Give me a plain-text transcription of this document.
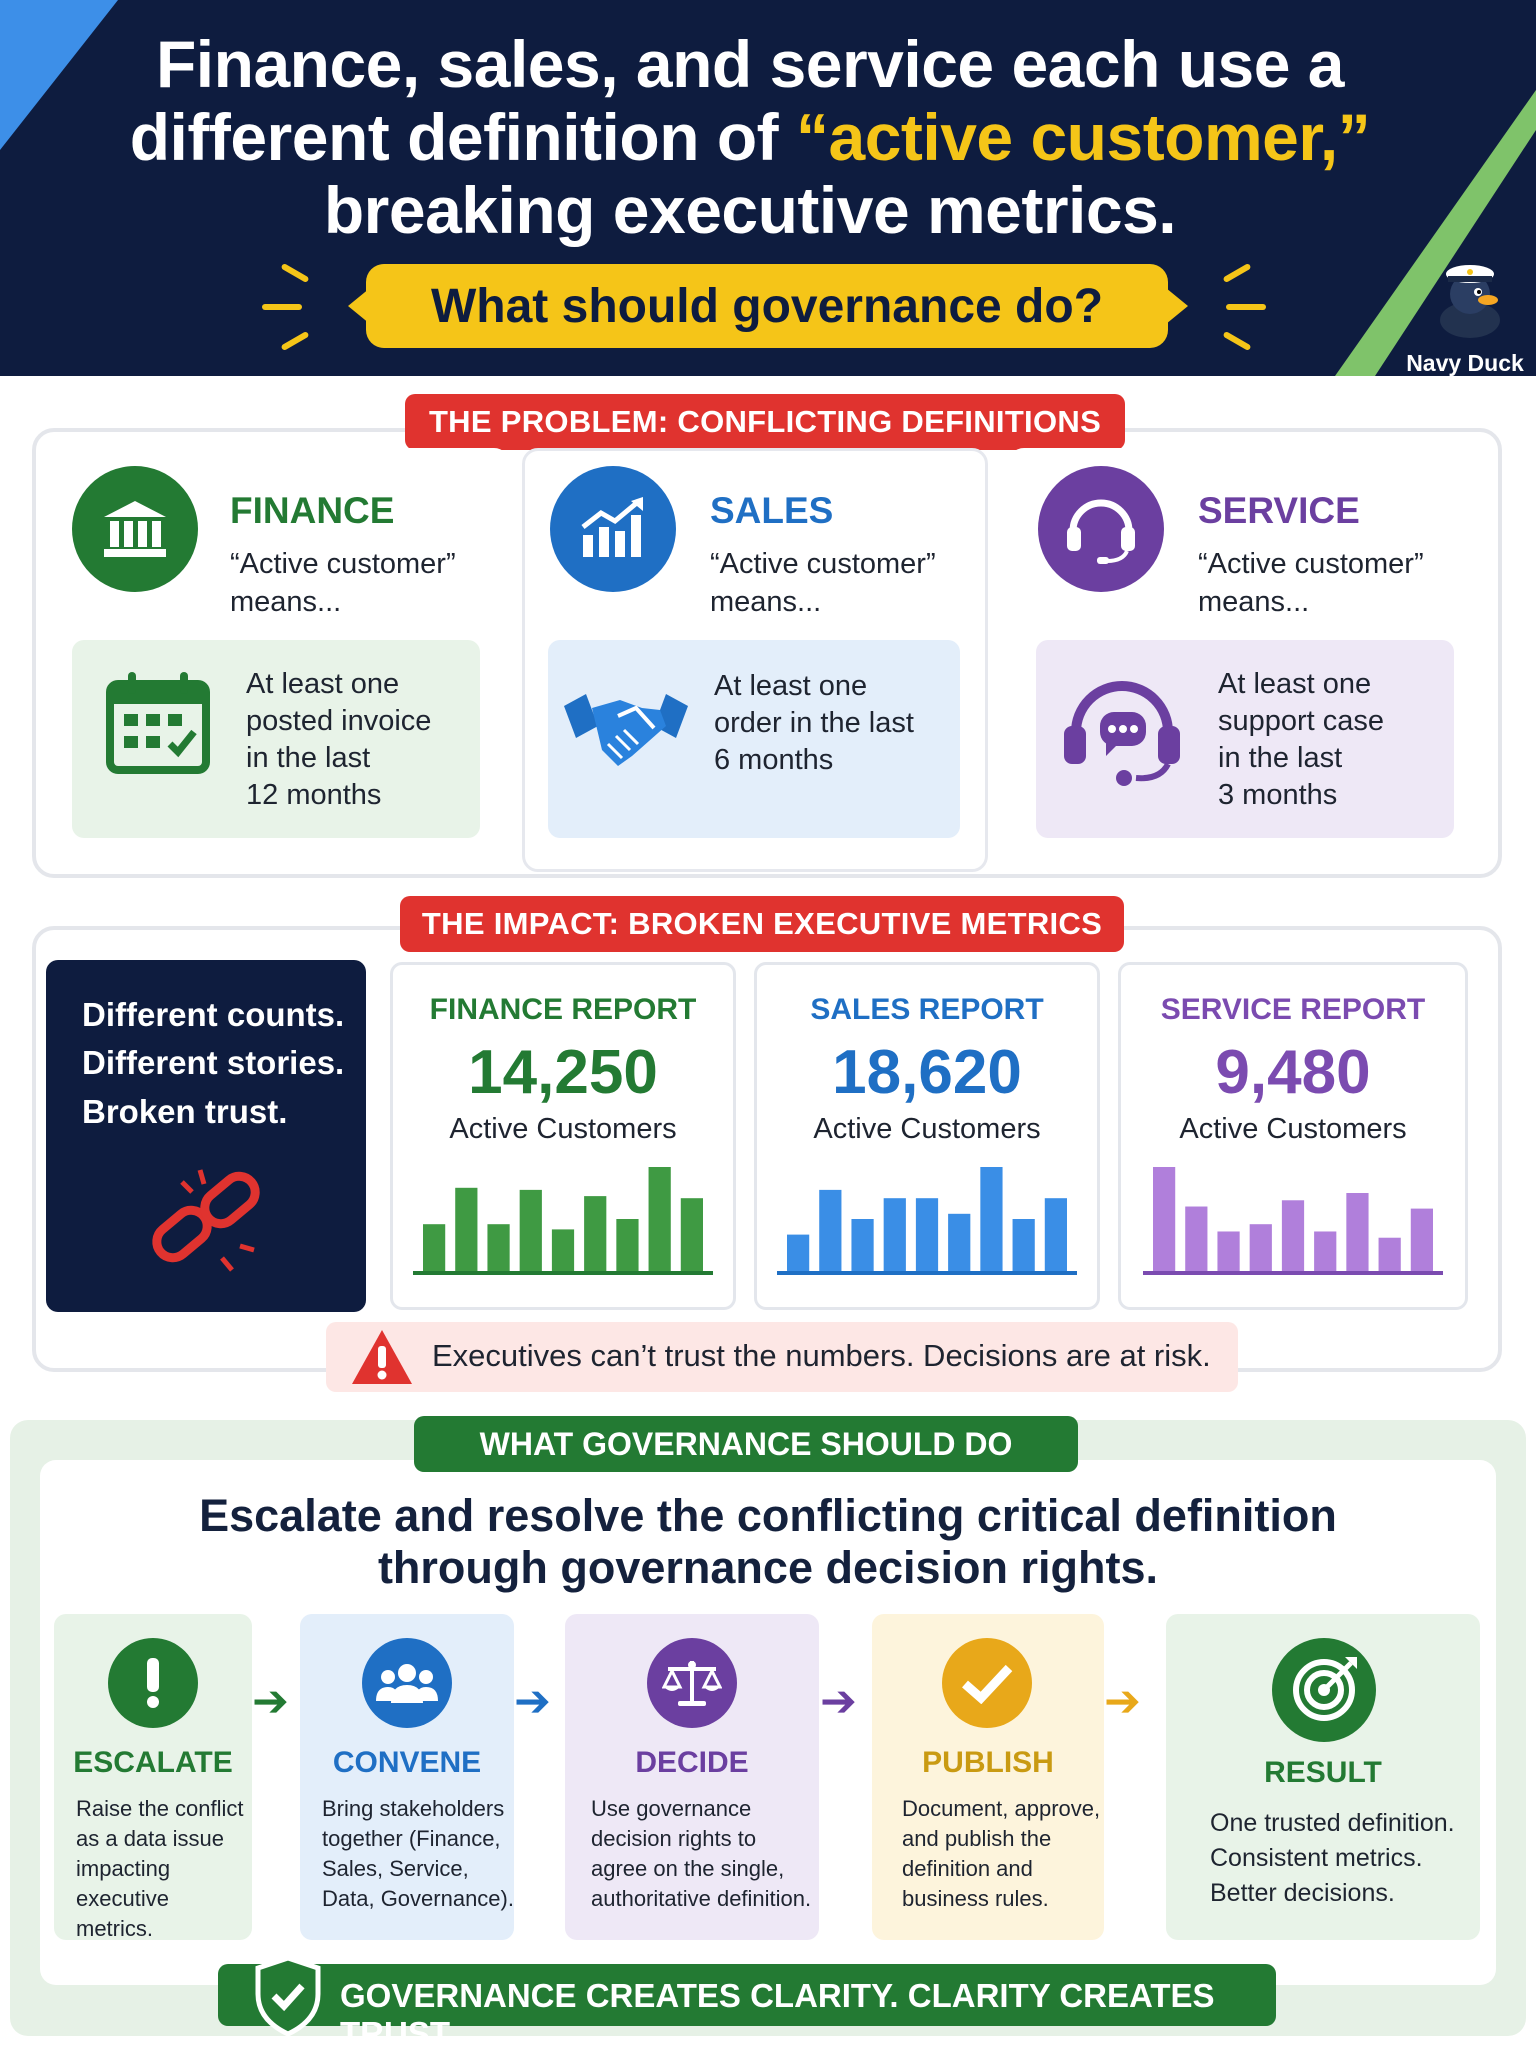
Finance, sales, and service each use a
different definition of “active customer,”
breaking executive metrics.
What should governance do?
Navy Duck
THE PROBLEM: CONFLICTING DEFINITIONS
FINANCE
“Active customer”
means...
At least one
posted invoice
in the last
12 months
SALES
“Active customer”
means...
At least one
order in the last
6 months
SERVICE
“Active customer”
means...
At least one
support case
in the last
3 months
THE IMPACT: BROKEN EXECUTIVE METRICS
Different counts.
Different stories.
Broken trust.
FINANCE REPORT
14,250
Active Customers
SALES REPORT
18,620
Active Customers
SERVICE REPORT
9,480
Active Customers
Executives can’t trust the numbers. Decisions are at risk.
WHAT GOVERNANCE SHOULD DO
Escalate and resolve the conflicting critical definition
through governance decision rights.
ESCALATE
Raise the conflict
as a data issue
impacting
executive metrics.
➔
CONVENE
Bring stakeholders
together (Finance,
Sales, Service,
Data, Governance).
➔
DECIDE
Use governance
decision rights to
agree on the single,
authoritative definition.
➔
PUBLISH
Document, approve,
and publish the
definition and
business rules.
➔
RESULT
One trusted definition.
Consistent metrics.
Better decisions.
GOVERNANCE CREATES CLARITY. CLARITY CREATES TRUST.
